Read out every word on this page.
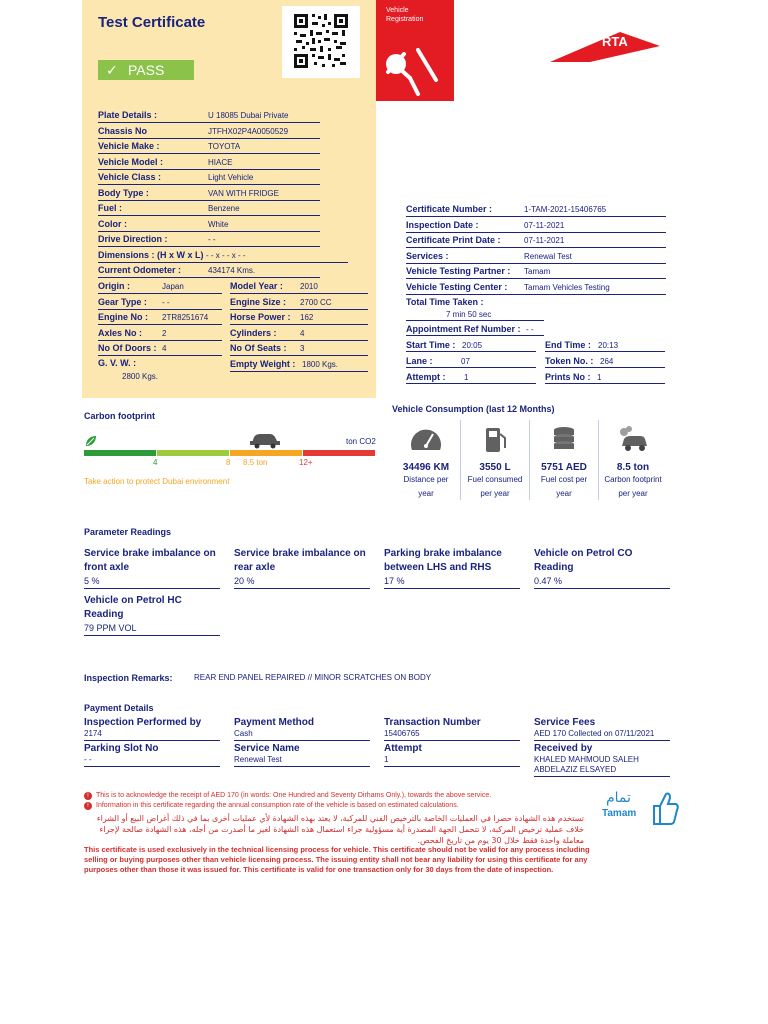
Test Certificate
✓ PASS
Vehicle Registration
RTA
G. V. W. :
2800 Kgs.
Total Time Taken :
7 min 50 sec
Appointment Ref Number : - -
Start Time : 20:05	End Time : 20:13
Lane :	07	Token No. : 264
Attempt : 1	Prints No : 1
Carbon footprint
ton CO2
Take action to protect Dubai environment
Vehicle Consumption (last 12 Months)
Parameter Readings
Inspection Remarks:	REAR END PANEL REPAIRED // MINOR SCRATCHES ON BODY
Payment Details
! This is to acknowledge the receipt of AED 170 (in words: One Hundred and Seventy Dirhams Only.), towards the above service.
! Information in this certificate regarding the annual consumption rate of the vehicle is based on estimated calculations.
تستخدم هذه الشهادة حصرا في العمليات الخاصة بالترخيص الفني للمركبة، لا يعتد بهذه الشهادة لأي عمليات أخرى بما في ذلك أغراض البيع أو الشراء خلاف عملية ترخيص المركبة، لا تتحمل الجهة المصدرة أية مسؤولية جراء استعمال هذه الشهادة لغير ما أصدرت من أجله، هذه الشهادة صالحة لإجراء معاملة واحدة فقط خلال 30 يوم من تاريخ الفحص.
This certificate is used exclusively in the technical licensing process for vehicle. This certificate should not be valid for any process including selling or buying purposes other than vehicle licensing process. The issuing entity shall not bear any liability for using this certificate for any purposes other than those it was issued for. This certificate is valid for one transaction only for 30 days from the date of inspection.
تمام
Tamam
Plate Details :	U 18085 Dubai Private
Chassis No	JTFHX02P4A0050529
Vehicle Make :	TOYOTA
Vehicle Model :	HIACE
Vehicle Class :	Light Vehicle
Body Type :	VAN WITH FRIDGE
Fuel :	Benzene
Color :	White
Drive Direction :	- -
Dimensions : (H x W x L) - - x - - x - -
Current Odometer :	434174 Kms.
Origin :	Japan
Gear Type : - -
Engine No : 2TR8251674
Axles No : 2
No Of Doors : 4
Model Year : 2010
Engine Size : 2700 CC
Horse Power : 162
Cylinders :	4
No Of Seats : 3
Empty Weight : 1800 Kgs.
Certificate Number :	1-TAM-2021-15406765
Inspection Date :	07-11-2021
Certificate Print Date :	07-11-2021
Services :	Renewal Test
Vehicle Testing Partner : Tamam
Vehicle Testing Center : Tamam Vehicles Testing
4	8 8.5 ton	12+	34496 KM
Distance per
year
3550 L
Fuel consumed
per year
5751 AED
Fuel cost per
year
8.5 ton
Carbon footprint
per year
Service brake imbalance on front axle
5 %
Service brake imbalance on rear axle
20 %
Parking brake imbalance between LHS and RHS
17 %
Vehicle on Petrol CO Reading
0.47 %
Vehicle on Petrol HC Reading
79 PPM VOL
Inspection Performed by
2174
Payment Method
Cash
Transaction Number
15406765
Service Fees
AED 170 Collected on 07/11/2021
Parking Slot No
- -
Service Name
Renewal Test
Attempt
1
Received by
KHALED MAHMOUD SALEH
ABDELAZIZ ELSAYED
